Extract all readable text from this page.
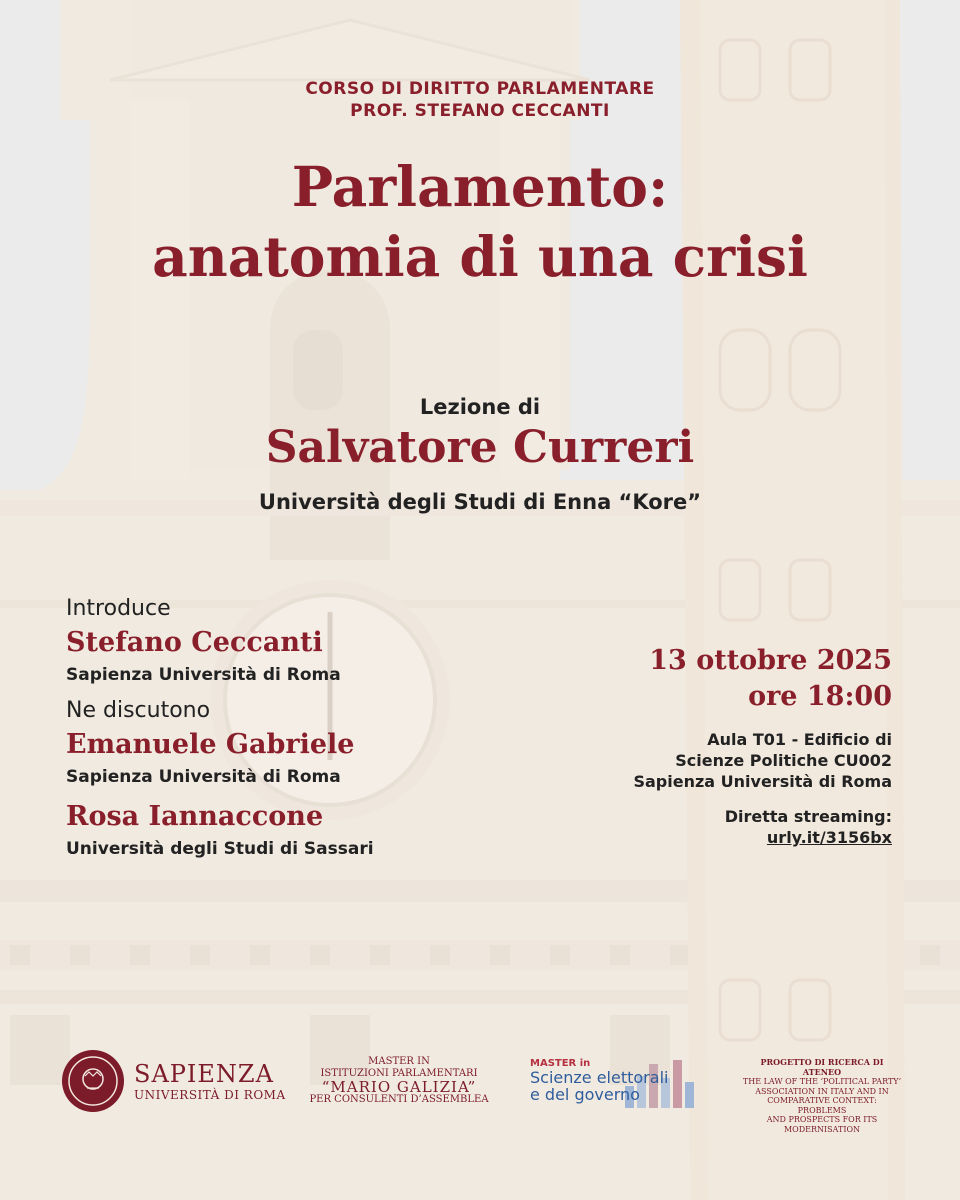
CORSO DI DIRITTO PARLAMENTARE
PROF. STEFANO CECCANTI
Parlamento:
anatomia di una crisi
Lezione di
Salvatore Curreri
Università degli Studi di Enna “Kore”
Introduce
Stefano Ceccanti
Sapienza Università di Roma
Ne discutono
Emanuele Gabriele
Sapienza Università di Roma
Rosa Iannaccone
Università degli Studi di Sassari
13 ottobre 2025
ore 18:00
Aula T01 - Edificio di
Scienze Politiche CU002
Sapienza Università di Roma
Diretta streaming:
urly.it/3156bx
SAPIENZA
UNIVERSITÀ DI ROMA
MASTER IN
ISTITUZIONI PARLAMENTARI
“MARIO GALIZIA”
PER CONSULENTI D’ASSEMBLEA
MASTER in
Scienze elettorali
e del governo
PROGETTO DI RICERCA DI ATENEO
THE LAW OF THE ‘POLITICAL PARTY’
ASSOCIATION IN ITALY AND IN
COMPARATIVE CONTEXT: PROBLEMS
AND PROSPECTS FOR ITS
MODERNISATION
